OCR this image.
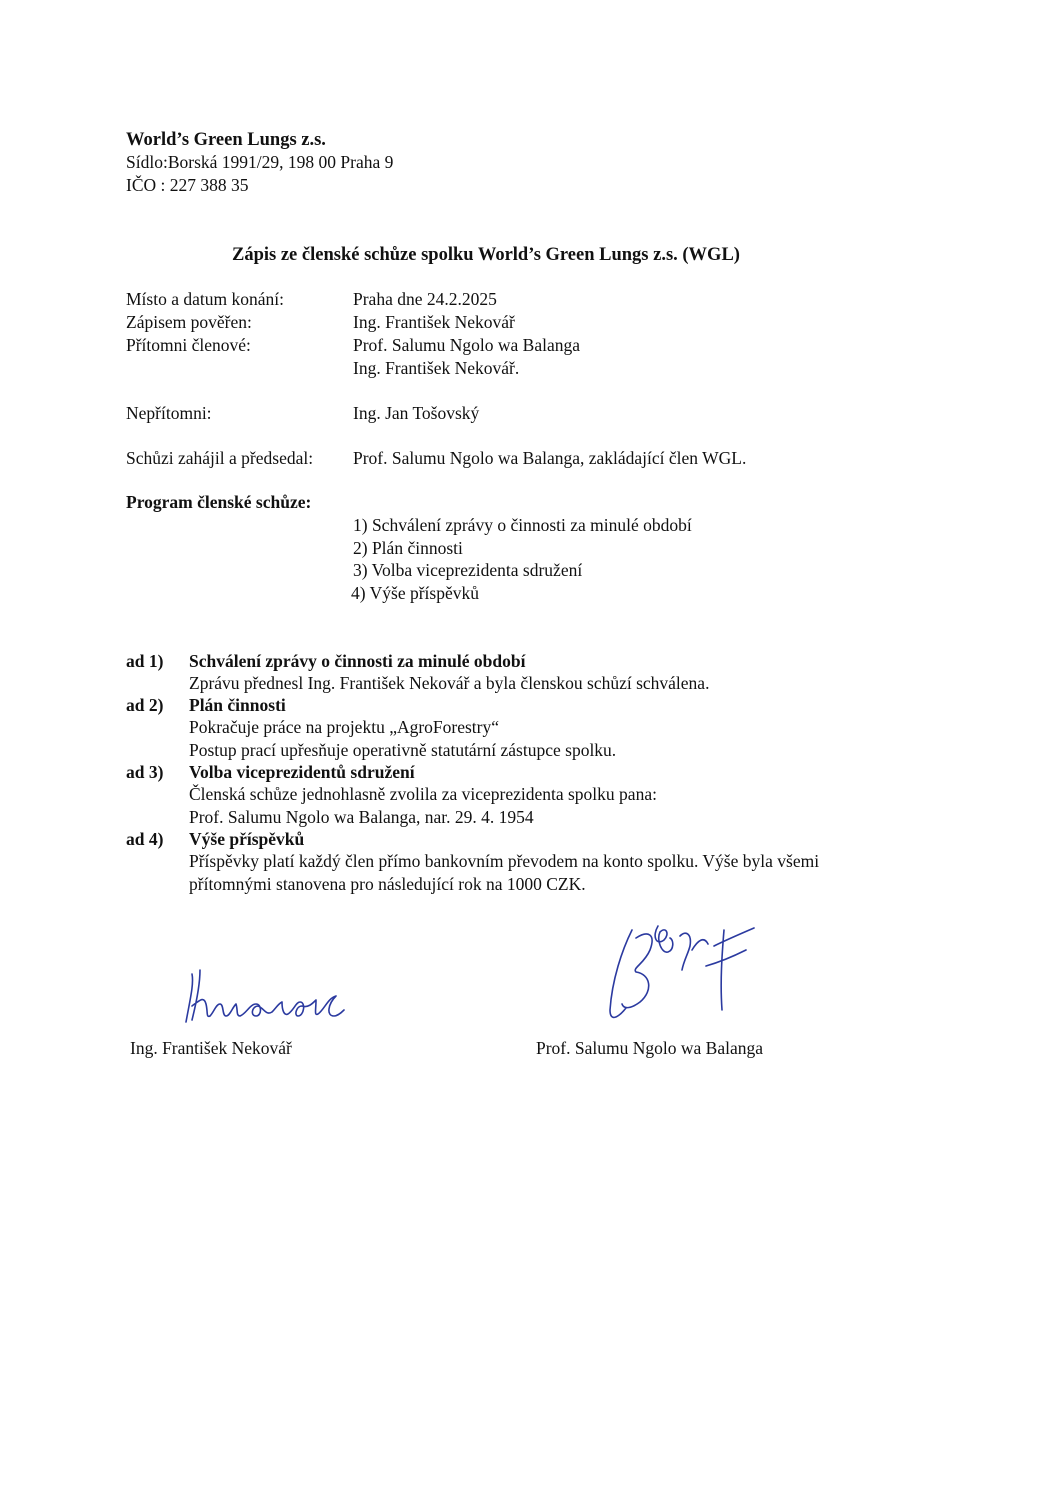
World’s Green Lungs z.s.
Sídlo:Borská 1991/29, 198 00 Praha 9
IČO : 227 388 35
Zápis ze členské schůze spolku World’s Green Lungs z.s. (WGL)
Místo a datum konání:	Praha dne 24.2.2025
Zápisem pověřen:	Ing. František Nekovář
Přítomni členové:	Prof. Salumu Ngolo wa Balanga
Ing. František Nekovář.
Nepřítomni:	Ing. Jan Tošovský
Schůzi zahájil a předsedal: Prof. Salumu Ngolo wa Balanga, zakládající člen WGL.
Program členské schůze:
1) Schválení zprávy o činnosti za minulé období
2) Plán činnosti
3) Volba viceprezidenta sdružení
4) Výše příspěvků
ad 1) Schválení zprávy o činnosti za minulé období
Zprávu přednesl Ing. František Nekovář a byla členskou schůzí schválena.
ad 2) Plán činnosti
Pokračuje práce na projektu „AgroForestry“
Postup prací upřesňuje operativně statutární zástupce spolku.
ad 3) Volba viceprezidentů sdružení
Členská schůze jednohlasně zvolila za viceprezidenta spolku pana:
Prof. Salumu Ngolo wa Balanga, nar. 29. 4. 1954
ad 4) Výše příspěvků
Příspěvky platí každý člen přímo bankovním převodem na konto spolku. Výše byla všemi
přítomnými stanovena pro následující rok na 1000 CZK.
Ing. František Nekovář	Prof. Salumu Ngolo wa Balanga
